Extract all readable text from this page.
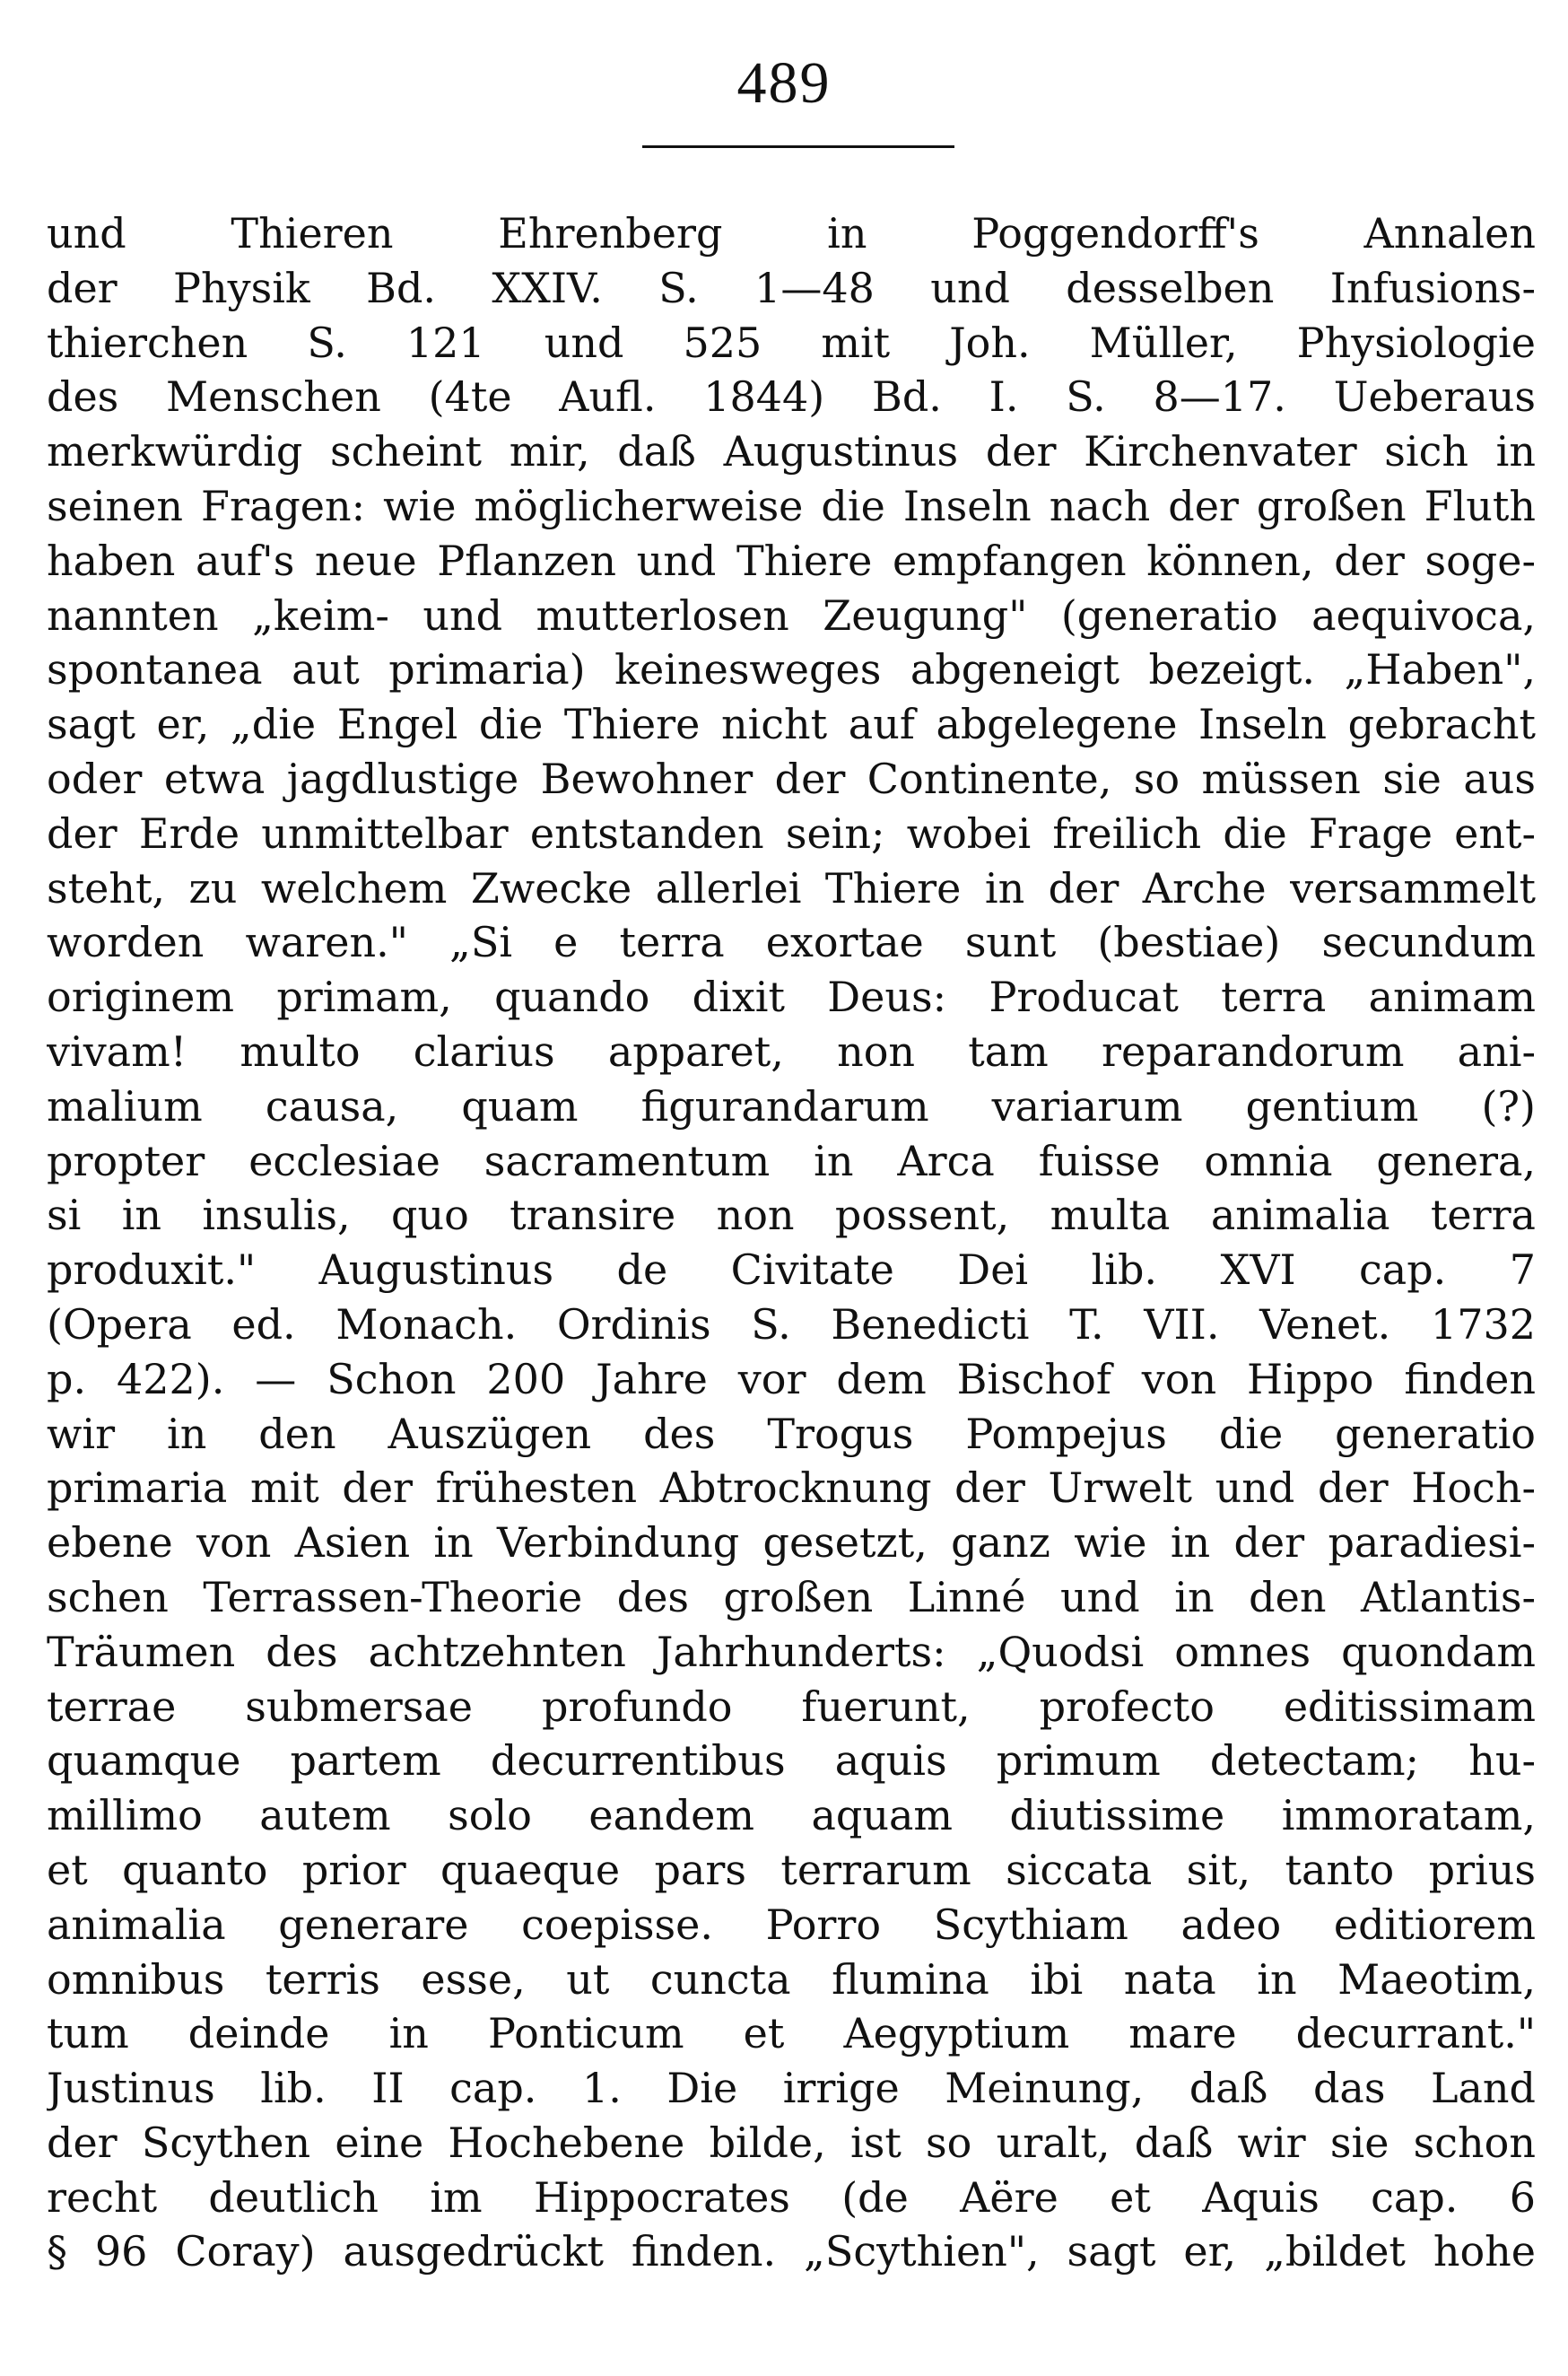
489
und Thieren Ehrenberg in Poggendorff's Annalen
der Physik Bd. XXIV. S. 1—48 und desselben Infusions-
thierchen S. 121 und 525 mit Joh. Müller, Physiologie
des Menschen (4te Aufl. 1844) Bd. I. S. 8—17. Ueberaus
merkwürdig scheint mir, daß Augustinus der Kirchenvater sich in
seinen Fragen: wie möglicherweise die Inseln nach der großen Fluth
haben auf's neue Pflanzen und Thiere empfangen können, der soge-
nannten „keim- und mutterlosen Zeugung" (generatio aequivoca,
spontanea aut primaria) keinesweges abgeneigt bezeigt. „Haben",
sagt er, „die Engel die Thiere nicht auf abgelegene Inseln gebracht
oder etwa jagdlustige Bewohner der Continente, so müssen sie aus
der Erde unmittelbar entstanden sein; wobei freilich die Frage ent-
steht, zu welchem Zwecke allerlei Thiere in der Arche versammelt
worden waren." „Si e terra exortae sunt (bestiae) secundum
originem primam, quando dixit Deus: Producat terra animam
vivam! multo clarius apparet, non tam reparandorum ani-
malium causa, quam figurandarum variarum gentium (?)
propter ecclesiae sacramentum in Arca fuisse omnia genera,
si in insulis, quo transire non possent, multa animalia terra
produxit." Augustinus de Civitate Dei lib. XVI cap. 7
(Opera ed. Monach. Ordinis S. Benedicti T. VII. Venet. 1732
p. 422). — Schon 200 Jahre vor dem Bischof von Hippo finden
wir in den Auszügen des Trogus Pompejus die generatio
primaria mit der frühesten Abtrocknung der Urwelt und der Hoch-
ebene von Asien in Verbindung gesetzt, ganz wie in der paradiesi-
schen Terrassen-Theorie des großen Linné und in den Atlantis-
Träumen des achtzehnten Jahrhunderts: „Quodsi omnes quondam
terrae submersae profundo fuerunt, profecto editissimam
quamque partem decurrentibus aquis primum detectam; hu-
millimo autem solo eandem aquam diutissime immoratam,
et quanto prior quaeque pars terrarum siccata sit, tanto prius
animalia generare coepisse. Porro Scythiam adeo editiorem
omnibus terris esse, ut cuncta flumina ibi nata in Maeotim,
tum deinde in Ponticum et Aegyptium mare decurrant."
Justinus lib. II cap. 1. Die irrige Meinung, daß das Land
der Scythen eine Hochebene bilde, ist so uralt, daß wir sie schon
recht deutlich im Hippocrates (de Aëre et Aquis cap. 6
§ 96 Coray) ausgedrückt finden. „Scythien", sagt er, „bildet hohe
